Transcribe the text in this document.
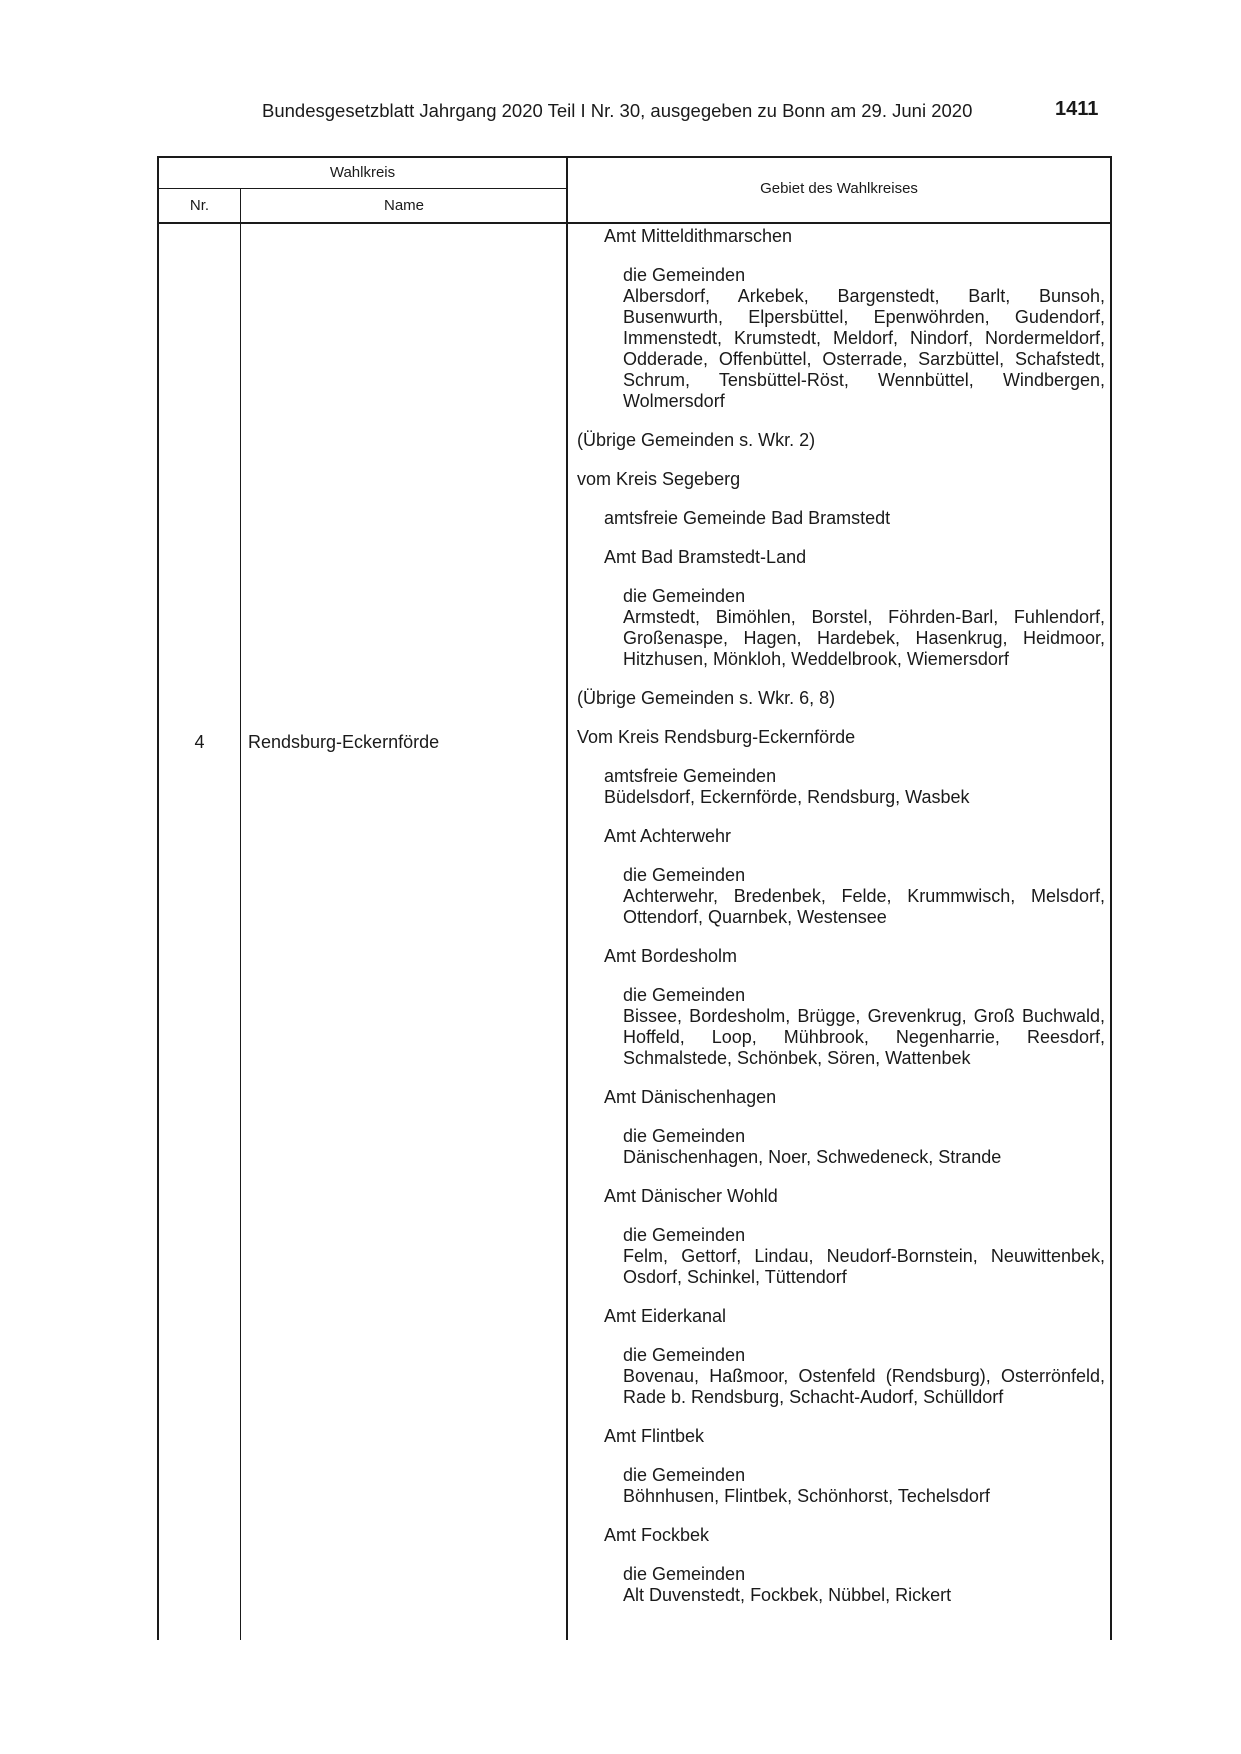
Bundesgesetzblatt Jahrgang 2020 Teil I Nr. 30, ausgegeben zu Bonn am 29. Juni 2020	1411
Wahlkreis
Nr.	Name
Gebiet des Wahlkreises
4	Rendsburg-Eckernförde
Amt Mitteldithmarschen
die Gemeinden
Albersdorf, Arkebek, Bargenstedt, Barlt, Bunsoh, Busenwurth, Elpersbüttel, Epenwöhrden, Gudendorf, Immenstedt, Krumstedt, Meldorf, Nindorf, Nordermeldorf, Odderade, Offenbüttel, Osterrade, Sarzbüttel, Schafstedt, Schrum, Tensbüttel-Röst, Wennbüttel, Windbergen, Wolmersdorf
(Übrige Gemeinden s. Wkr. 2)
vom Kreis Segeberg
amtsfreie Gemeinde Bad Bramstedt
Amt Bad Bramstedt-Land
die Gemeinden
Armstedt, Bimöhlen, Borstel, Föhrden-Barl, Fuhlendorf, Großenaspe, Hagen, Hardebek, Hasenkrug, Heidmoor, Hitzhusen, Mönkloh, Weddelbrook, Wiemersdorf
(Übrige Gemeinden s. Wkr. 6, 8)
Vom Kreis Rendsburg-Eckernförde
amtsfreie Gemeinden
Büdelsdorf, Eckernförde, Rendsburg, Wasbek
Amt Achterwehr
die Gemeinden
Achterwehr, Bredenbek, Felde, Krummwisch, Melsdorf, Ottendorf, Quarnbek, Westensee
Amt Bordesholm
die Gemeinden
Bissee, Bordesholm, Brügge, Grevenkrug, Groß Buchwald, Hoffeld, Loop, Mühbrook, Negenharrie, Reesdorf, Schmalstede, Schönbek, Sören, Wattenbek
Amt Dänischenhagen
die Gemeinden
Dänischenhagen, Noer, Schwedeneck, Strande
Amt Dänischer Wohld
die Gemeinden
Felm, Gettorf, Lindau, Neudorf-Bornstein, Neuwittenbek, Osdorf, Schinkel, Tüttendorf
Amt Eiderkanal
die Gemeinden
Bovenau, Haßmoor, Ostenfeld (Rendsburg), Osterrönfeld, Rade b. Rendsburg, Schacht-Audorf, Schülldorf
Amt Flintbek
die Gemeinden
Böhnhusen, Flintbek, Schönhorst, Techelsdorf
Amt Fockbek
die Gemeinden
Alt Duvenstedt, Fockbek, Nübbel, Rickert
